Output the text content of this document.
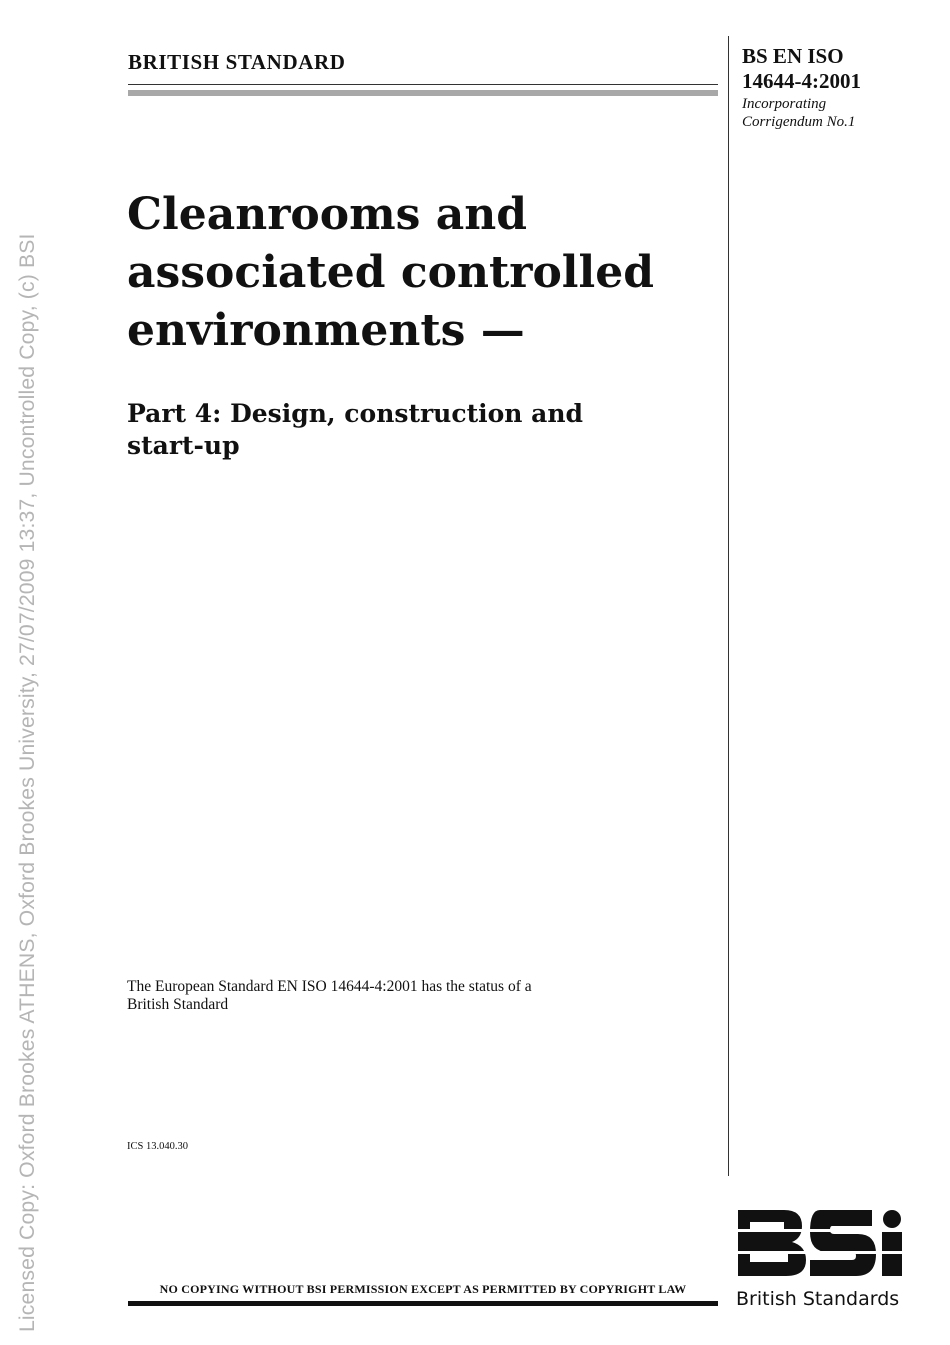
Licensed Copy: Oxford Brookes ATHENS, Oxford Brookes University, 27/07/2009 13:37, Uncontrolled Copy, (c) BSI
BRITISH STANDARD	BS EN ISO
14644-4:2001
Incorporating
Corrigendum No.1
Cleanrooms and
associated controlled
environments —
Part 4: Design, construction and
start-up
The European Standard EN ISO 14644-4:2001 has the status of a
British Standard
ICS 13.040.30
NO COPYING WITHOUT BSI PERMISSION EXCEPT AS PERMITTED BY COPYRIGHT LAW	British Standards
